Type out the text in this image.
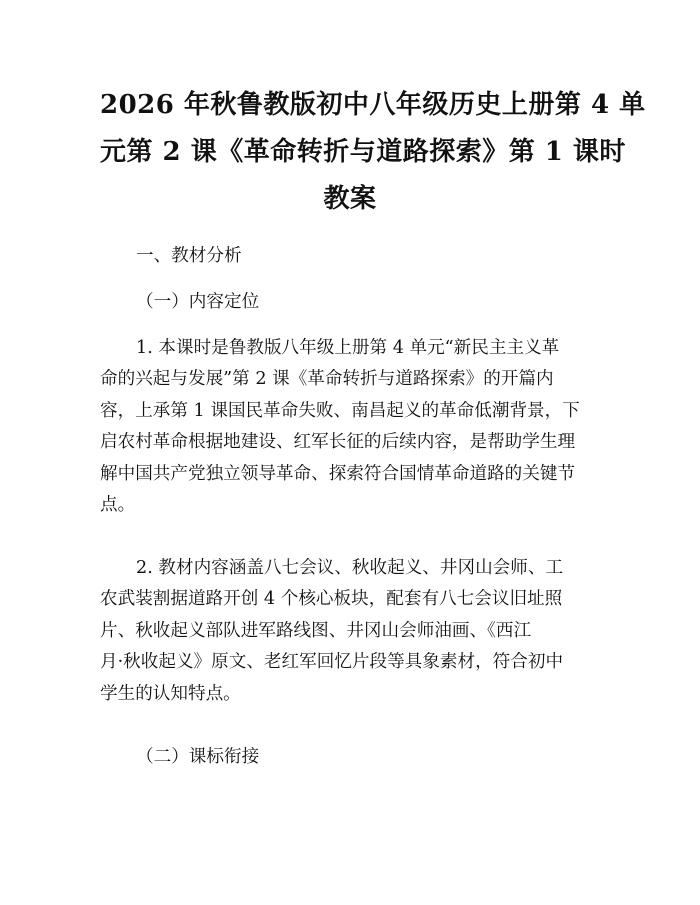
2026 年秋鲁教版初中八年级历史上册第 4 单
元第 2 课《革命转折与道路探索》第 1 课时
教案

一、教材分析

（一）内容定位

1. 本课时是鲁教版八年级上册第 4 单元“新民主主义革

命的兴起与发展”第 2 课《革命转折与道路探索》的开篇内

容，上承第 1 课国民革命失败、南昌起义的革命低潮背景，下

启农村革命根据地建设、红军长征的后续内容，是帮助学生理

解中国共产党独立领导革命、探索符合国情革命道路的关键节

点。

2. 教材内容涵盖八七会议、秋收起义、井冈山会师、工

农武装割据道路开创 4 个核心板块，配套有八七会议旧址照

片、秋收起义部队进军路线图、井冈山会师油画、《西江

月·秋收起义》原文、老红军回忆片段等具象素材，符合初中

学生的认知特点。

（二）课标衔接
